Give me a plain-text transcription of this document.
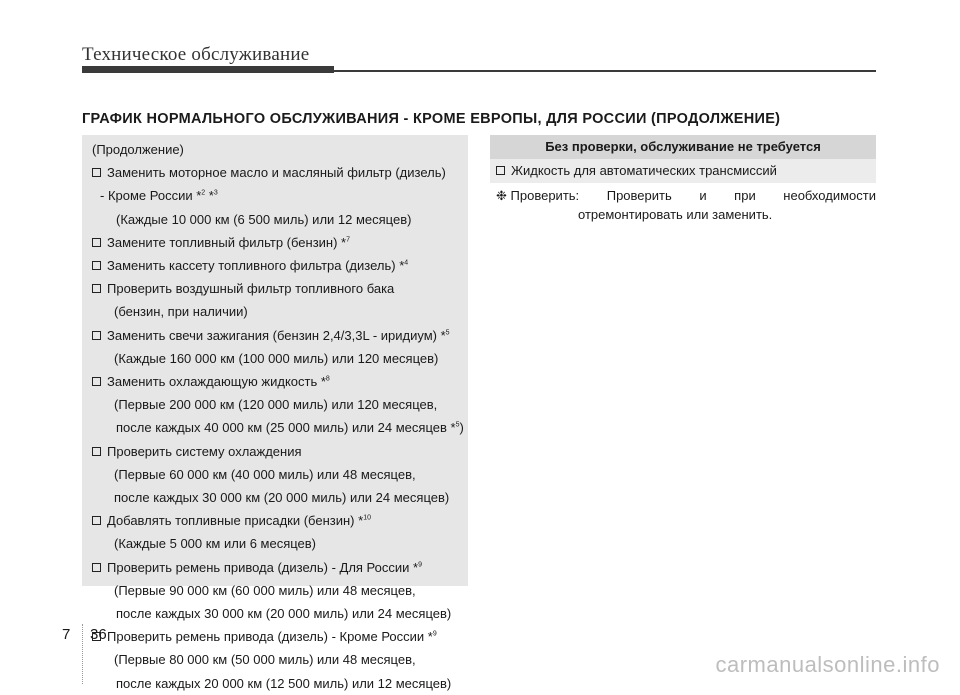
Техническое обслуживание
ГРАФИК НОРМАЛЬНОГО ОБСЛУЖИВАНИЯ - КРОМЕ ЕВРОПЫ, ДЛЯ РОССИИ (ПРОДОЛЖЕНИЕ)
(Продолжение)
Заменить моторное масло и масляный фильтр (дизель)
- Кроме России *$^2$ *$^3$
(Каждые 10 000 км (6 500 миль) или 12 месяцев)
Замените топливный фильтр (бензин) *$^7$
Заменить кассету топливного фильтра (дизель) *$^4$
Проверить воздушный фильтр топливного бака
(бензин, при наличии)
Заменить свечи зажигания (бензин 2,4/3,3L - иридиум) *$^5$
(Каждые 160 000 км (100 000 миль) или 120 месяцев)
Заменить охлаждающую жидкость *$^8$
(Первые 200 000 км (120 000 миль) или 120 месяцев,
после каждых 40 000 км (25 000 миль) или 24 месяцев *$^5$)
Проверить систему охлаждения
(Первые 60 000 км (40 000 миль) или 48 месяцев,
после каждых 30 000 км (20 000 миль) или 24 месяцев)
Добавлять топливные присадки (бензин) *$^{10}$
(Каждые 5 000 км или 6 месяцев)
Проверить ремень привода (дизель) - Для России *$^9$
(Первые 90 000 км (60 000 миль) или 48 месяцев,
после каждых 30 000 км (20 000 миль) или 24 месяцев)
Проверить ремень привода (дизель) - Кроме России *$^9$
(Первые 80 000 км (50 000 миль) или 48 месяцев,
после каждых 20 000 км (12 500 миль) или 12 месяцев)
Без проверки, обслуживание не требуется
Жидкость для автоматических трансмиссий
❉ Проверить: Проверить и при необходимости
отремонтировать или заменить.
7 36
carmanualsonline.info
